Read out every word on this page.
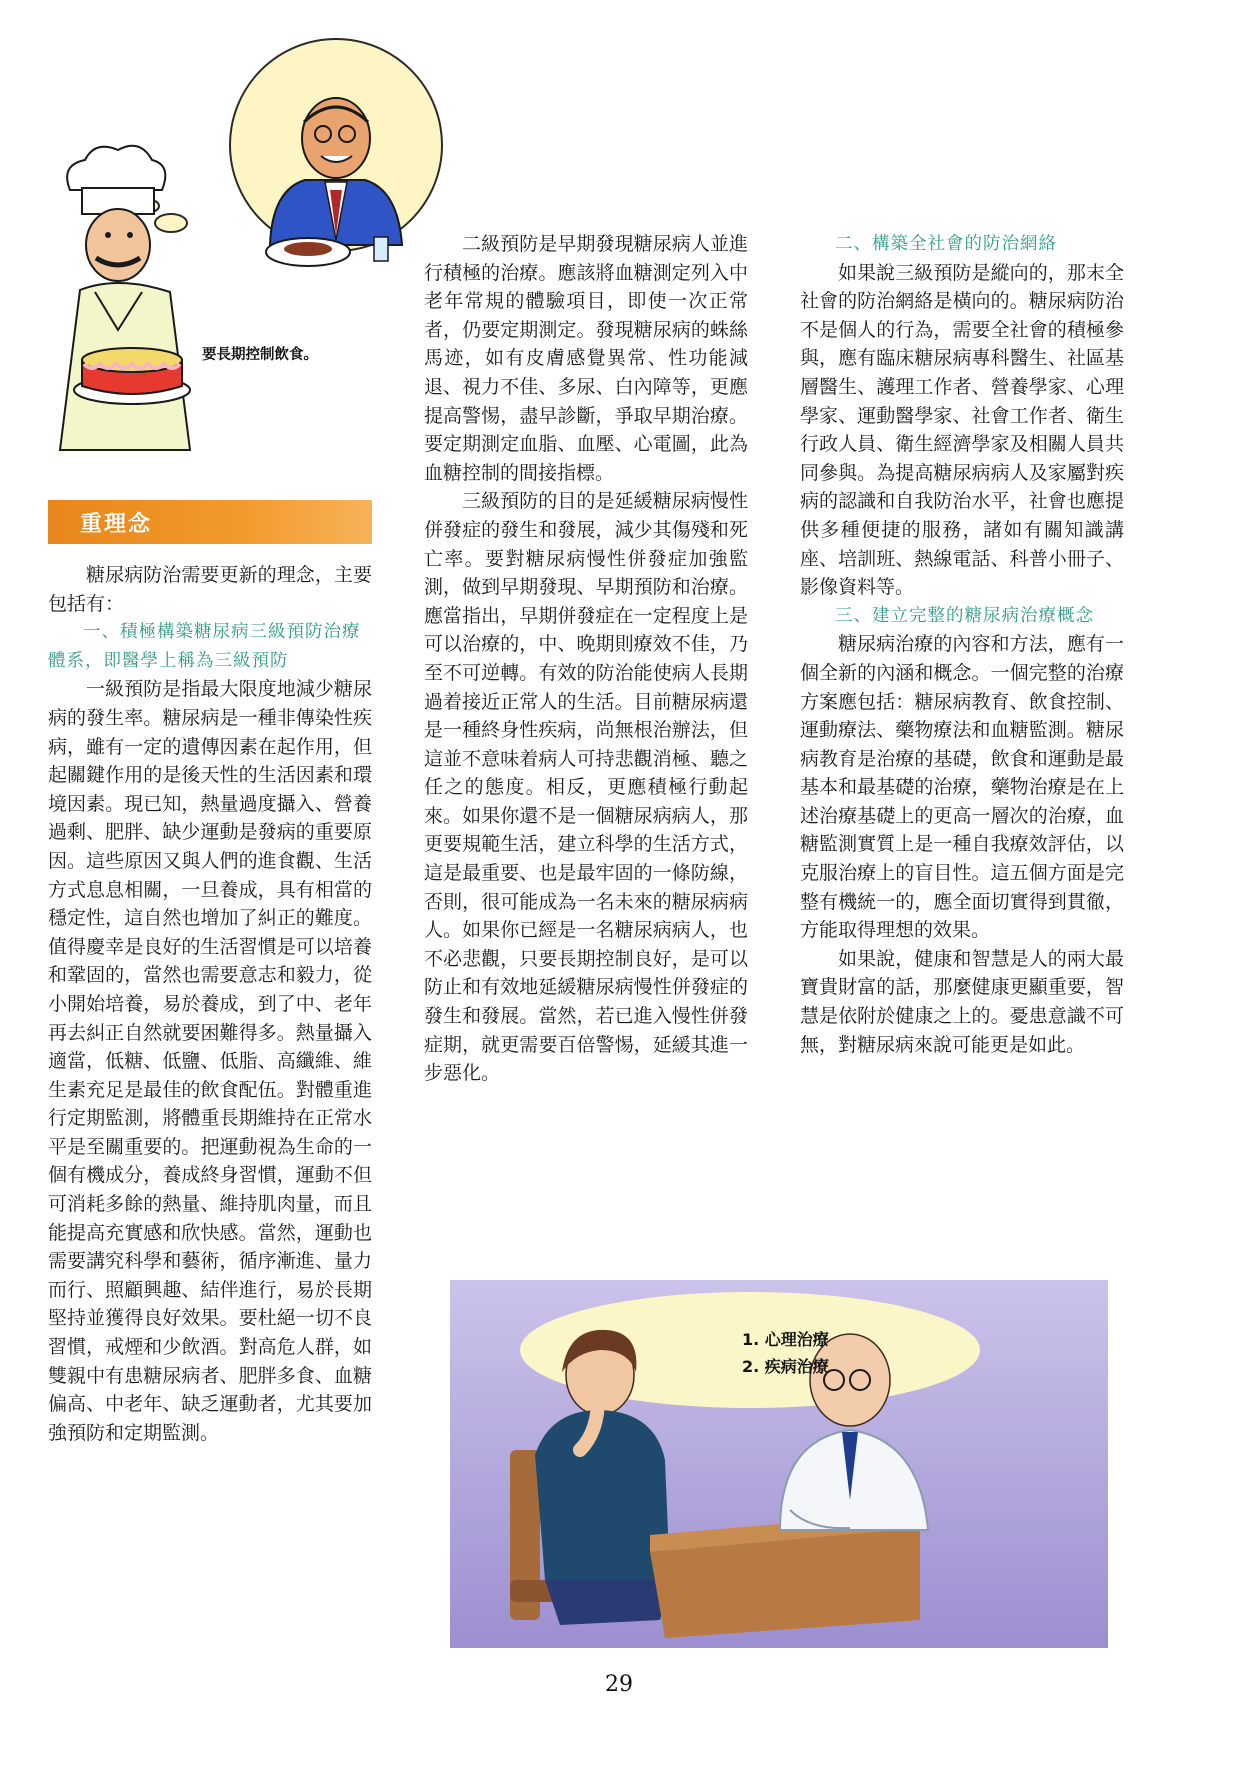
要長期控制飲食。
重理念

糖尿病防治需要更新的理念，主要包括有：

一、積極構築糖尿病三級預防治療體系，即醫學上稱為三級預防

一級預防是指最大限度地減少糖尿病的發生率。糖尿病是一種非傳染性疾病，雖有一定的遺傳因素在起作用，但起關鍵作用的是後天性的生活因素和環境因素。現已知，熱量過度攝入、營養過剩、肥胖、缺少運動是發病的重要原因。這些原因又與人們的進食觀、生活方式息息相關，一旦養成，具有相當的穩定性，這自然也增加了糾正的難度。值得慶幸是良好的生活習慣是可以培養和鞏固的，當然也需要意志和毅力，從小開始培養，易於養成，到了中、老年再去糾正自然就要困難得多。熱量攝入適當，低糖、低鹽、低脂、高纖維、維生素充足是最佳的飲食配伍。對體重進行定期監測，將體重長期維持在正常水平是至關重要的。把運動視為生命的一個有機成分，養成終身習慣，運動不但可消耗多餘的熱量、維持肌肉量，而且能提高充實感和欣快感。當然，運動也需要講究科學和藝術，循序漸進、量力而行、照顧興趣、結伴進行，易於長期堅持並獲得良好效果。要杜絕一切不良習慣，戒煙和少飲酒。對高危人群，如雙親中有患糖尿病者、肥胖多食、血糖偏高、中老年、缺乏運動者，尤其要加強預防和定期監測。

二級預防是早期發現糖尿病人並進行積極的治療。應該將血糖測定列入中老年常規的體驗項目，即使一次正常者，仍要定期測定。發現糖尿病的蛛絲馬迹，如有皮膚感覺異常、性功能減退、視力不佳、多尿、白內障等，更應提高警惕，盡早診斷，爭取早期治療。要定期測定血脂、血壓、心電圖，此為血糖控制的間接指標。

三級預防的目的是延緩糖尿病慢性併發症的發生和發展，減少其傷殘和死亡率。要對糖尿病慢性併發症加強監測，做到早期發現、早期預防和治療。應當指出，早期併發症在一定程度上是可以治療的，中、晚期則療效不佳，乃至不可逆轉。有效的防治能使病人長期過着接近正常人的生活。目前糖尿病還是一種終身性疾病，尚無根治辦法，但這並不意味着病人可持悲觀消極、聽之任之的態度。相反，更應積極行動起來。如果你還不是一個糖尿病病人，那更要規範生活，建立科學的生活方式，這是最重要、也是最牢固的一條防線，否則，很可能成為一名未來的糖尿病病人。如果你已經是一名糖尿病病人，也不必悲觀，只要長期控制良好，是可以防止和有效地延緩糖尿病慢性併發症的發生和發展。當然，若已進入慢性併發症期，就更需要百倍警惕，延緩其進一步惡化。

二、構築全社會的防治網絡

如果說三級預防是縱向的，那末全社會的防治網絡是橫向的。糖尿病防治不是個人的行為，需要全社會的積極參與，應有臨床糖尿病專科醫生、社區基層醫生、護理工作者、營養學家、心理學家、運動醫學家、社會工作者、衛生行政人員、衛生經濟學家及相關人員共同參與。為提高糖尿病病人及家屬對疾病的認識和自我防治水平，社會也應提供多種便捷的服務，諸如有關知識講座、培訓班、熱線電話、科普小冊子、影像資料等。

三、建立完整的糖尿病治療概念

糖尿病治療的內容和方法，應有一個全新的內涵和概念。一個完整的治療方案應包括：糖尿病教育、飲食控制、運動療法、藥物療法和血糖監測。糖尿病教育是治療的基礎，飲食和運動是最基本和最基礎的治療，藥物治療是在上述治療基礎上的更高一層次的治療，血糖監測實質上是一種自我療效評估，以克服治療上的盲目性。這五個方面是完整有機統一的，應全面切實得到貫徹，方能取得理想的效果。

如果說，健康和智慧是人的兩大最寶貴財富的話，那麼健康更顯重要，智慧是依附於健康之上的。憂患意識不可無，對糖尿病來說可能更是如此。

1. 心理治療
2. 疾病治療
29
